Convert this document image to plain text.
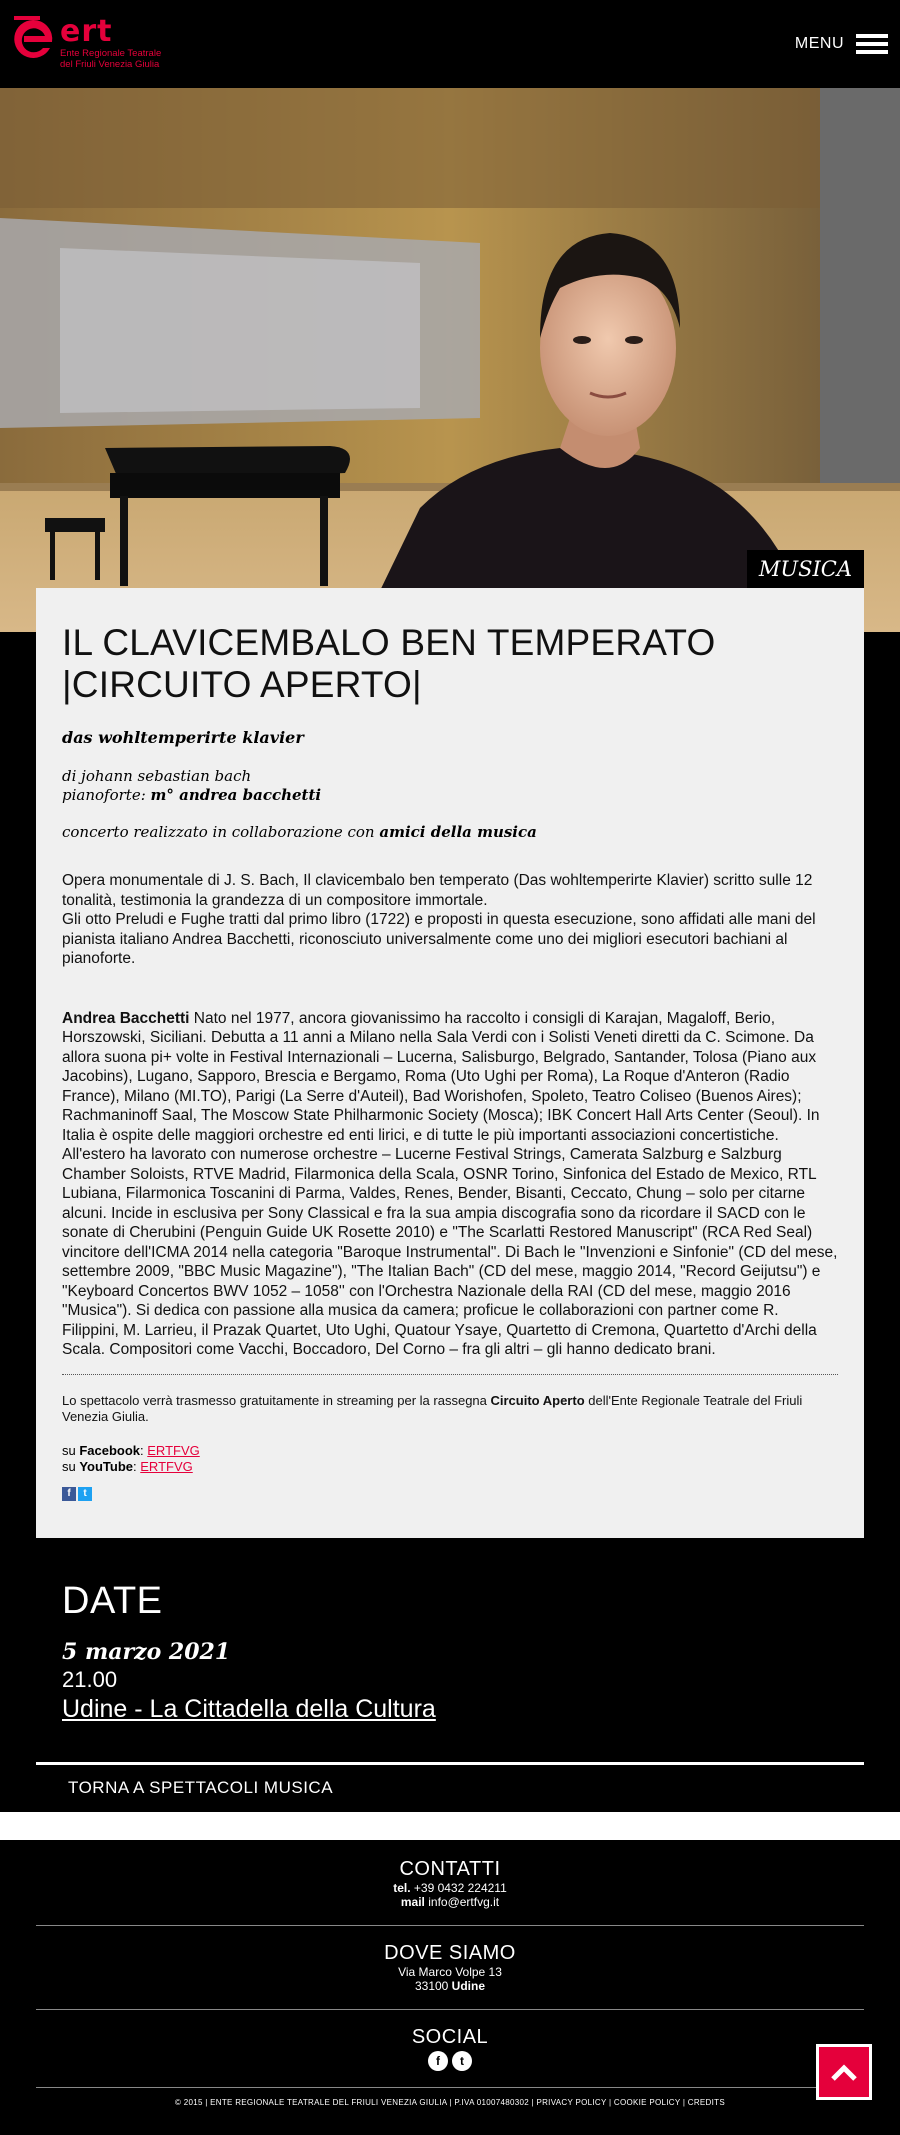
ert
Ente Regionale Teatrale
del Friuli Venezia Giulia
MENU
MUSICA
IL CLAVICEMBALO BEN TEMPERATO
|CIRCUITO APERTO|
das wohltemperirte klavier
di johann sebastian bach
pianoforte: m° andrea bacchetti
concerto realizzato in collaborazione con amici della musica
Opera monumentale di J. S. Bach, Il clavicembalo ben temperato (Das wohltemperirte Klavier) scritto sulle 12 tonalità, testimonia la grandezza di un compositore immortale.
Gli otto Preludi e Fughe tratti dal primo libro (1722) e proposti in questa esecuzione, sono affidati alle mani del pianista italiano Andrea Bacchetti, riconosciuto universalmente come uno dei migliori esecutori bachiani al pianoforte.
Andrea Bacchetti Nato nel 1977, ancora giovanissimo ha raccolto i consigli di Karajan, Magaloff, Berio, Horszowski, Siciliani. Debutta a 11 anni a Milano nella Sala Verdi con i Solisti Veneti diretti da C. Scimone. Da allora suona pi+ volte in Festival Internazionali – Lucerna, Salisburgo, Belgrado, Santander, Tolosa (Piano aux Jacobins), Lugano, Sapporo, Brescia e Bergamo, Roma (Uto Ughi per Roma), La Roque d'Anteron (Radio France), Milano (MI.TO), Parigi (La Serre d'Auteil), Bad Worishofen, Spoleto, Teatro Coliseo (Buenos Aires); Rachmaninoff Saal, The Moscow State Philharmonic Society (Mosca); IBK Concert Hall Arts Center (Seoul). In Italia è ospite delle maggiori orchestre ed enti lirici, e di tutte le più importanti associazioni concertistiche. All'estero ha lavorato con numerose orchestre – Lucerne Festival Strings, Camerata Salzburg e Salzburg Chamber Soloists, RTVE Madrid, Filarmonica della Scala, OSNR Torino, Sinfonica del Estado de Mexico, RTL Lubiana, Filarmonica Toscanini di Parma, Valdes, Renes, Bender, Bisanti, Ceccato, Chung – solo per citarne alcuni. Incide in esclusiva per Sony Classical e fra la sua ampia discografia sono da ricordare il SACD con le sonate di Cherubini (Penguin Guide UK Rosette 2010) e "The Scarlatti Restored Manuscript" (RCA Red Seal) vincitore dell'ICMA 2014 nella categoria "Baroque Instrumental". Di Bach le "Invenzioni e Sinfonie" (CD del mese, settembre 2009, "BBC Music Magazine"), "The Italian Bach" (CD del mese, maggio 2014, "Record Geijutsu") e "Keyboard Concertos BWV 1052 – 1058'' con l'Orchestra Nazionale della RAI (CD del mese, maggio 2016 "Musica"). Si dedica con passione alla musica da camera; proficue le collaborazioni con partner come R. Filippini, M. Larrieu, il Prazak Quartet, Uto Ughi, Quatour Ysaye, Quartetto di Cremona, Quartetto d'Archi della Scala. Compositori come Vacchi, Boccadoro, Del Corno – fra gli altri – gli hanno dedicato brani.
Lo spettacolo verrà trasmesso gratuitamente in streaming per la rassegna Circuito Aperto dell'Ente Regionale Teatrale del Friuli Venezia Giulia.
su Facebook: ERTFVG
su YouTube: ERTFVG
f	t
DATE
5 marzo 2021
21.00
Udine - La Cittadella della Cultura
TORNA A SPETTACOLI MUSICA
CONTATTI
tel. +39 0432 224211
mail info@ertfvg.it
DOVE SIAMO
Via Marco Volpe 13
33100 Udine
SOCIAL
f	t
© 2015 | ENTE REGIONALE TEATRALE DEL FRIULI VENEZIA GIULIA | P.IVA 01007480302 | PRIVACY POLICY | COOKIE POLICY | CREDITS
